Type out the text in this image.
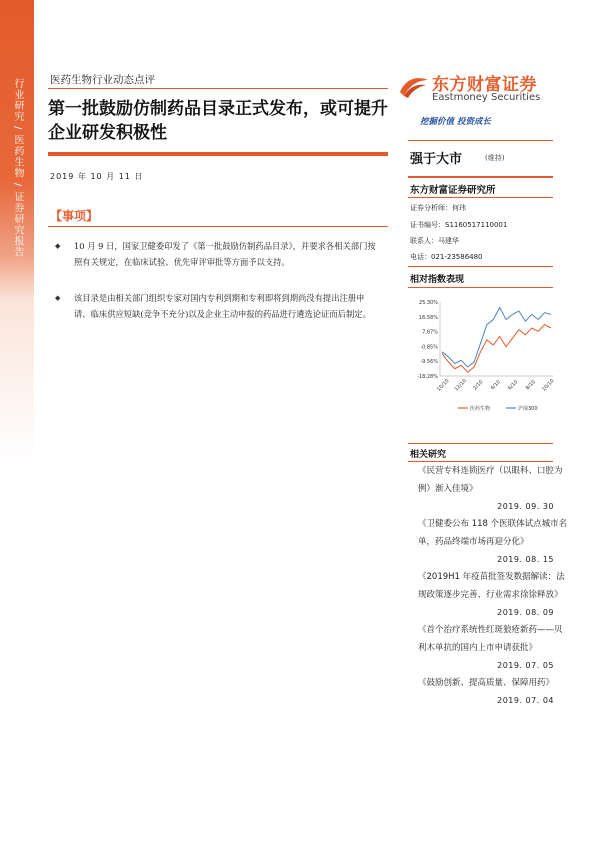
行业研究 / 医药生物 / 证券研究报告	医药生物行业动态点评
第一批鼓励仿制药品目录正式发布，或可提升企业研发积极性
2019 年 10 月 11 日
【事项】
◆ 10 月 9 日，国家卫健委印发了《第一批鼓励仿制药品目录》，并要求各相关部门按照有关规定，在临床试验、优先审评审批等方面予以支持。
◆ 该目录是由相关部门组织专家对国内专利到期和专利即将到期尚没有提出注册申请、临床供应短缺(竞争不充分)以及企业主动申报的药品进行遴选论证而后制定。
东方财富证券
Eastmoney Securities
挖掘价值 投资成长
强于大市	(维持)
东方财富证券研究所
证券分析师：何玮
证书编号：S1160517110001
联系人：马建华
电话：021-23586480
相对指数表现
25.30%
16.58%
7.87%
-0.85%
-9.56%
-18.28%
10/10 12/10 2/10 4/10 6/10 8/10 10/10
医药生物	沪深300
相关研究
《民营专科连锁医疗（以眼科、口腔为例）渐入佳境》
2019. 09. 30
《卫健委公布 118 个医联体试点城市名单，药品终端市场再迎分化》
2019. 08. 15
《2019H1 年疫苗批签发数据解读：法规政策逐步完善、行业需求徐徐释放》
2019. 08. 09
《首个治疗系统性红斑狼疮新药——贝利木单抗的国内上市申请获批》
2019. 07. 05
《鼓励创新、提高质量、保障用药》
2019. 07. 04
